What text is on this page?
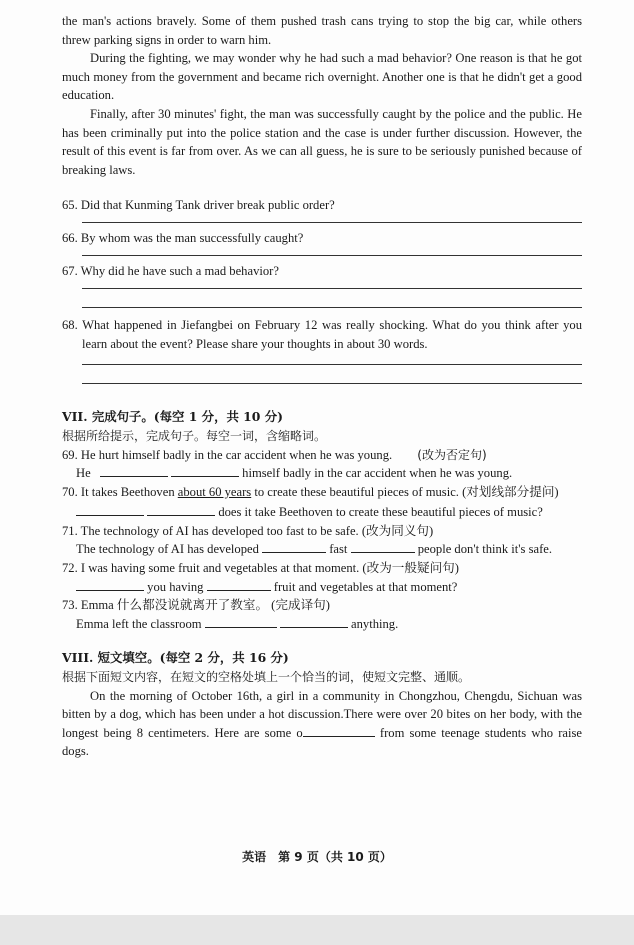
the man's actions bravely. Some of them pushed trash cans trying to stop the big car, while others threw parking signs in order to warn him.

During the fighting, we may wonder why he had such a mad behavior? One reason is that he got much money from the government and became rich overnight. Another one is that he didn't get a good education.

Finally, after 30 minutes' fight, the man was successfully caught by the police and the public. He has been criminally put into the police station and the case is under further discussion. However, the result of this event is far from over. As we can all guess, he is sure to be seriously punished because of breaking laws.

65. Did that Kunming Tank driver break public order?

66. By whom was the man successfully caught?

67. Why did he have such a mad behavior?

68. What happened in Jiefangbei on February 12 was really shocking. What do you think after you learn about the event? Please share your thoughts in about 30 words.

VII. 完成句子。(每空 1 分，共 10 分)

根据所给提示，完成句子。每空一词，含缩略词。

69. He hurt himself badly in the car accident when he was young. (改为否定句)

He	himself badly in the car accident when he was young.

70. It takes Beethoven about 60 years to create these beautiful pieces of music. (对划线部分提问)

does it take Beethoven to create these beautiful pieces of music?

71. The technology of AI has developed too fast to be safe. (改为同义句)

The technology of AI has developed	fast	people don't think it's safe.

72. I was having some fruit and vegetables at that moment. (改为一般疑问句)

you having	fruit and vegetables at that moment?

73. Emma 什么都没说就离开了教室。 (完成译句)

Emma left the classroom	anything.

VIII. 短文填空。(每空 2 分，共 16 分)

根据下面短文内容，在短文的空格处填上一个恰当的词，使短文完整、通顺。

On the morning of October 16th, a girl in a community in Chongzhou, Chengdu, Sichuan was bitten by a dog, which has been under a hot discussion.There were over 20 bites on her body, with the longest being 8 centimeters. Here are some o	from some teenage students who raise dogs.

英语　第 9 页（共 10 页）
